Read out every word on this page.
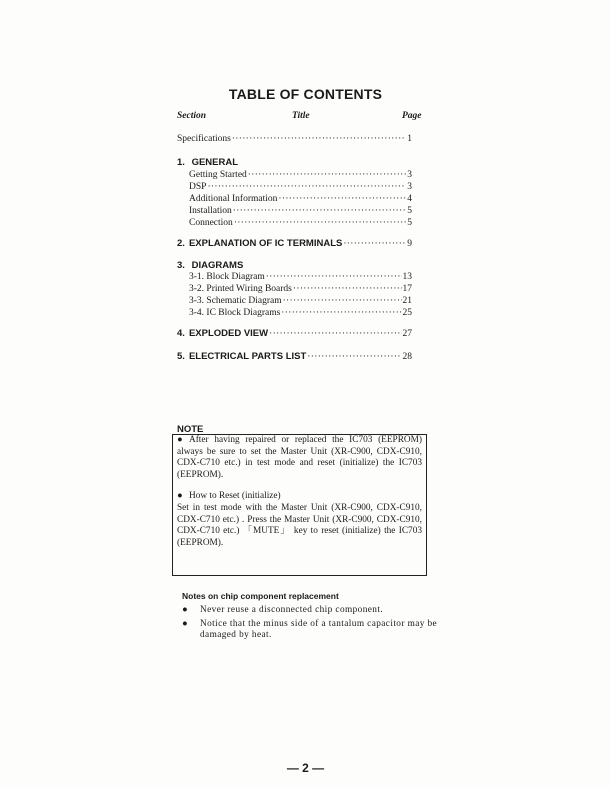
TABLE OF CONTENTS
Section	Title	Page
Specifications ·····	1
1. GENERAL
Getting Started ·····	3
DSP ·····	3
Additional Information ·····	4
Installation ·····	5
Connection ·····	5
2. EXPLANATION OF IC TERMINALS ·····	9
3. DIAGRAMS
3-1. Block Diagram ·····	13
3-2. Printed Wiring Boards ·····	17
3-3. Schematic Diagram ·····	21
3-4. IC Block Diagrams ·····	25
4. EXPLODED VIEW ·····	27
5. ELECTRICAL PARTS LIST ·····	28
NOTE

● After having repaired or replaced the IC703 (EEPROM) always be sure to set the Master Unit (XR-C900, CDX-C910, CDX-C710 etc.) in test mode and reset (initialize) the IC703 (EEPROM).

● How to Reset (initialize)

Set in test mode with the Master Unit (XR-C900, CDX-C910, CDX-C710 etc.) . Press the Master Unit (XR-C900, CDX-C910, CDX-C710 etc.) 「MUTE」 key to reset (initialize) the IC703 (EEPROM).

Notes on chip component replacement
●	Never reuse a disconnected chip component.
●	Notice that the minus side of a tantalum capacitor may be damaged by heat.
— 2 —
